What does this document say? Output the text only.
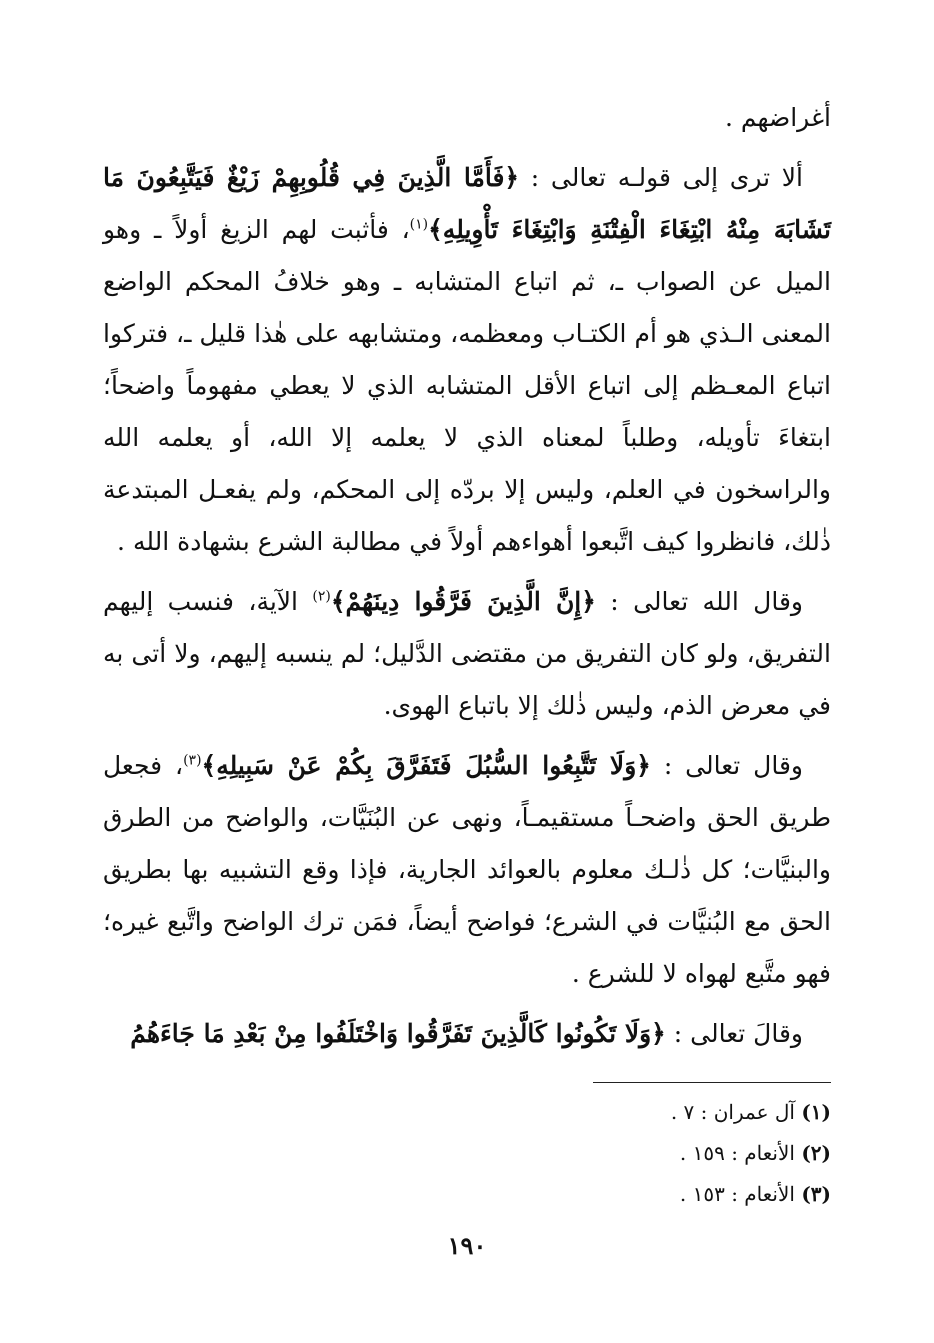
أغراضهم .

ألا ترى إلى قولـه تعالى : ﴿فَأَمَّا الَّذِينَ فِي قُلُوبِهِمْ زَيْغٌ فَيَتَّبِعُونَ مَا تَشَابَهَ مِنْهُ ابْتِغَاءَ الْفِتْنَةِ وَابْتِغَاءَ تَأْوِيلِهِ﴾$^{(١)}$، فأثبت لهم الزيغ أولاً ـ وهو الميل عن الصواب ـ، ثم اتباع المتشابه ـ وهو خلافُ المحكم الواضع المعنى الـذي هو أم الكتـاب ومعظمه، ومتشابهه على هٰذا قليل ـ، فتركوا اتباع المعـظم إلى اتباع الأقل المتشابه الذي لا يعطي مفهوماً واضحاً؛ ابتغاءَ تأويله، وطلباً لمعناه الذي لا يعلمه إلا الله، أو يعلمه الله والراسخون في العلم، وليس إلا بردّه إلى المحكم، ولم يفعـل المبتدعة ذٰلك، فانظروا كيف اتَّبعوا أهواءهم أولاً في مطالبة الشرع بشهادة الله .

وقال الله تعالى : ﴿إِنَّ الَّذِينَ فَرَّقُوا دِينَهُمْ﴾$^{(٢)}$ الآية، فنسب إليهم التفريق، ولو كان التفريق من مقتضى الدَّليل؛ لم ينسبه إليهم، ولا أتى به في معرض الذم، وليس ذٰلك إلا باتباع الهوى.

وقال تعالى : ﴿وَلَا تَتَّبِعُوا السُّبُلَ فَتَفَرَّقَ بِكُمْ عَنْ سَبِيلِهِ﴾$^{(٣)}$، فجعل طريق الحق واضحـاً مستقيمـاً، ونهى عن البُنَيَّات، والواضح من الطرق والبنيَّات؛ كل ذٰلـك معلوم بالعوائد الجارية، فإذا وقع التشبيه بها بطريق الحق مع البُنيَّات في الشرع؛ فواضح أيضاً، فمَن ترك الواضح واتَّبع غيره؛ فهو متَّبع لهواه لا للشرع .

وقالَ تعالى : ﴿وَلَا تَكُونُوا كَالَّذِينَ تَفَرَّقُوا وَاخْتَلَفُوا مِنْ بَعْدِ مَا جَاءَهُمُ

(١) آل عمران : ٧ .

(٢) الأنعام : ١٥٩ .

(٣) الأنعام : ١٥٣ .

١٩٠
